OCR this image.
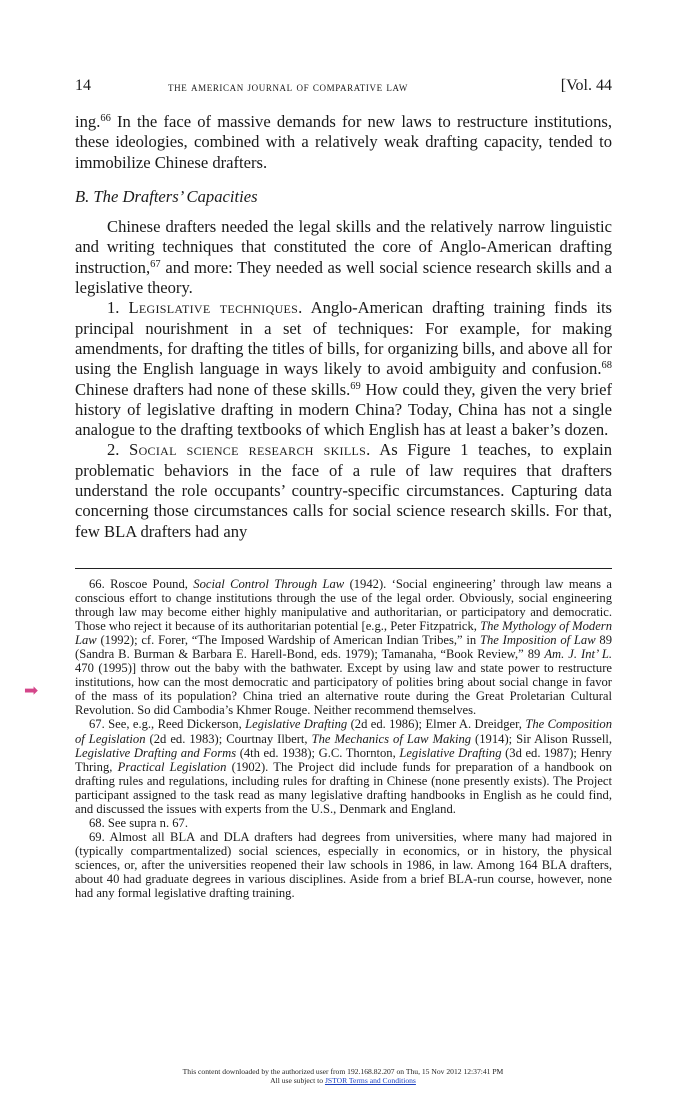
14	the american journal of comparative law	[Vol. 44

ing.$^{66}$ In the face of massive demands for new laws to restructure institutions, these ideologies, combined with a relatively weak drafting capacity, tended to immobilize Chinese drafters.

B. The Drafters’ Capacities

Chinese drafters needed the legal skills and the relatively narrow linguistic and writing techniques that constituted the core of Anglo-American drafting instruction,$^{67}$ and more: They needed as well social science research skills and a legislative theory.

1. Legislative techniques. Anglo-American drafting training finds its principal nourishment in a set of techniques: For example, for making amendments, for drafting the titles of bills, for organizing bills, and above all for using the English language in ways likely to avoid ambiguity and confusion.$^{68}$ Chinese drafters had none of these skills.$^{69}$ How could they, given the very brief history of legislative drafting in modern China? Today, China has not a single analogue to the drafting textbooks of which English has at least a baker’s dozen.

2. Social science research skills. As Figure 1 teaches, to explain problematic behaviors in the face of a rule of law requires that drafters understand the role occupants’ country-specific circumstances. Capturing data concerning those circumstances calls for social science research skills. For that, few BLA drafters had any

➡

66. Roscoe Pound, Social Control Through Law (1942). ‘Social engineering’ through law means a conscious effort to change institutions through the use of the legal order. Obviously, social engineering through law may become either highly manipulative and authoritarian, or participatory and democratic. Those who reject it because of its authoritarian potential [e.g., Peter Fitzpatrick, The Mythology of Modern Law (1992); cf. Forer, “The Imposed Wardship of American Indian Tribes,” in The Imposition of Law 89 (Sandra B. Burman & Barbara E. Harell-Bond, eds. 1979); Tamanaha, “Book Review,” 89 Am. J. Int’ L. 470 (1995)] throw out the baby with the bathwater. Except by using law and state power to restructure institutions, how can the most democratic and participatory of polities bring about social change in favor of the mass of its population? China tried an alternative route during the Great Proletarian Cultural Revolution. So did Cambodia’s Khmer Rouge. Neither recommend themselves.

67. See, e.g., Reed Dickerson, Legislative Drafting (2d ed. 1986); Elmer A. Dreidger, The Composition of Legislation (2d ed. 1983); Courtnay Ilbert, The Mechanics of Law Making (1914); Sir Alison Russell, Legislative Drafting and Forms (4th ed. 1938); G.C. Thornton, Legislative Drafting (3d ed. 1987); Henry Thring, Practical Legislation (1902). The Project did include funds for preparation of a handbook on drafting rules and regulations, including rules for drafting in Chinese (none presently exists). The Project participant assigned to the task read as many legislative drafting handbooks in English as he could find, and discussed the issues with experts from the U.S., Denmark and England.

68. See supra n. 67.

69. Almost all BLA and DLA drafters had degrees from universities, where many had majored in (typically compartmentalized) social sciences, especially in economics, or in history, the physical sciences, or, after the universities reopened their law schools in 1986, in law. Among 164 BLA drafters, about 40 had graduate degrees in various disciplines. Aside from a brief BLA-run course, however, none had any formal legislative drafting training.

This content downloaded by the authorized user from 192.168.82.207 on Thu, 15 Nov 2012 12:37:41 PM
All use subject to JSTOR Terms and Conditions
